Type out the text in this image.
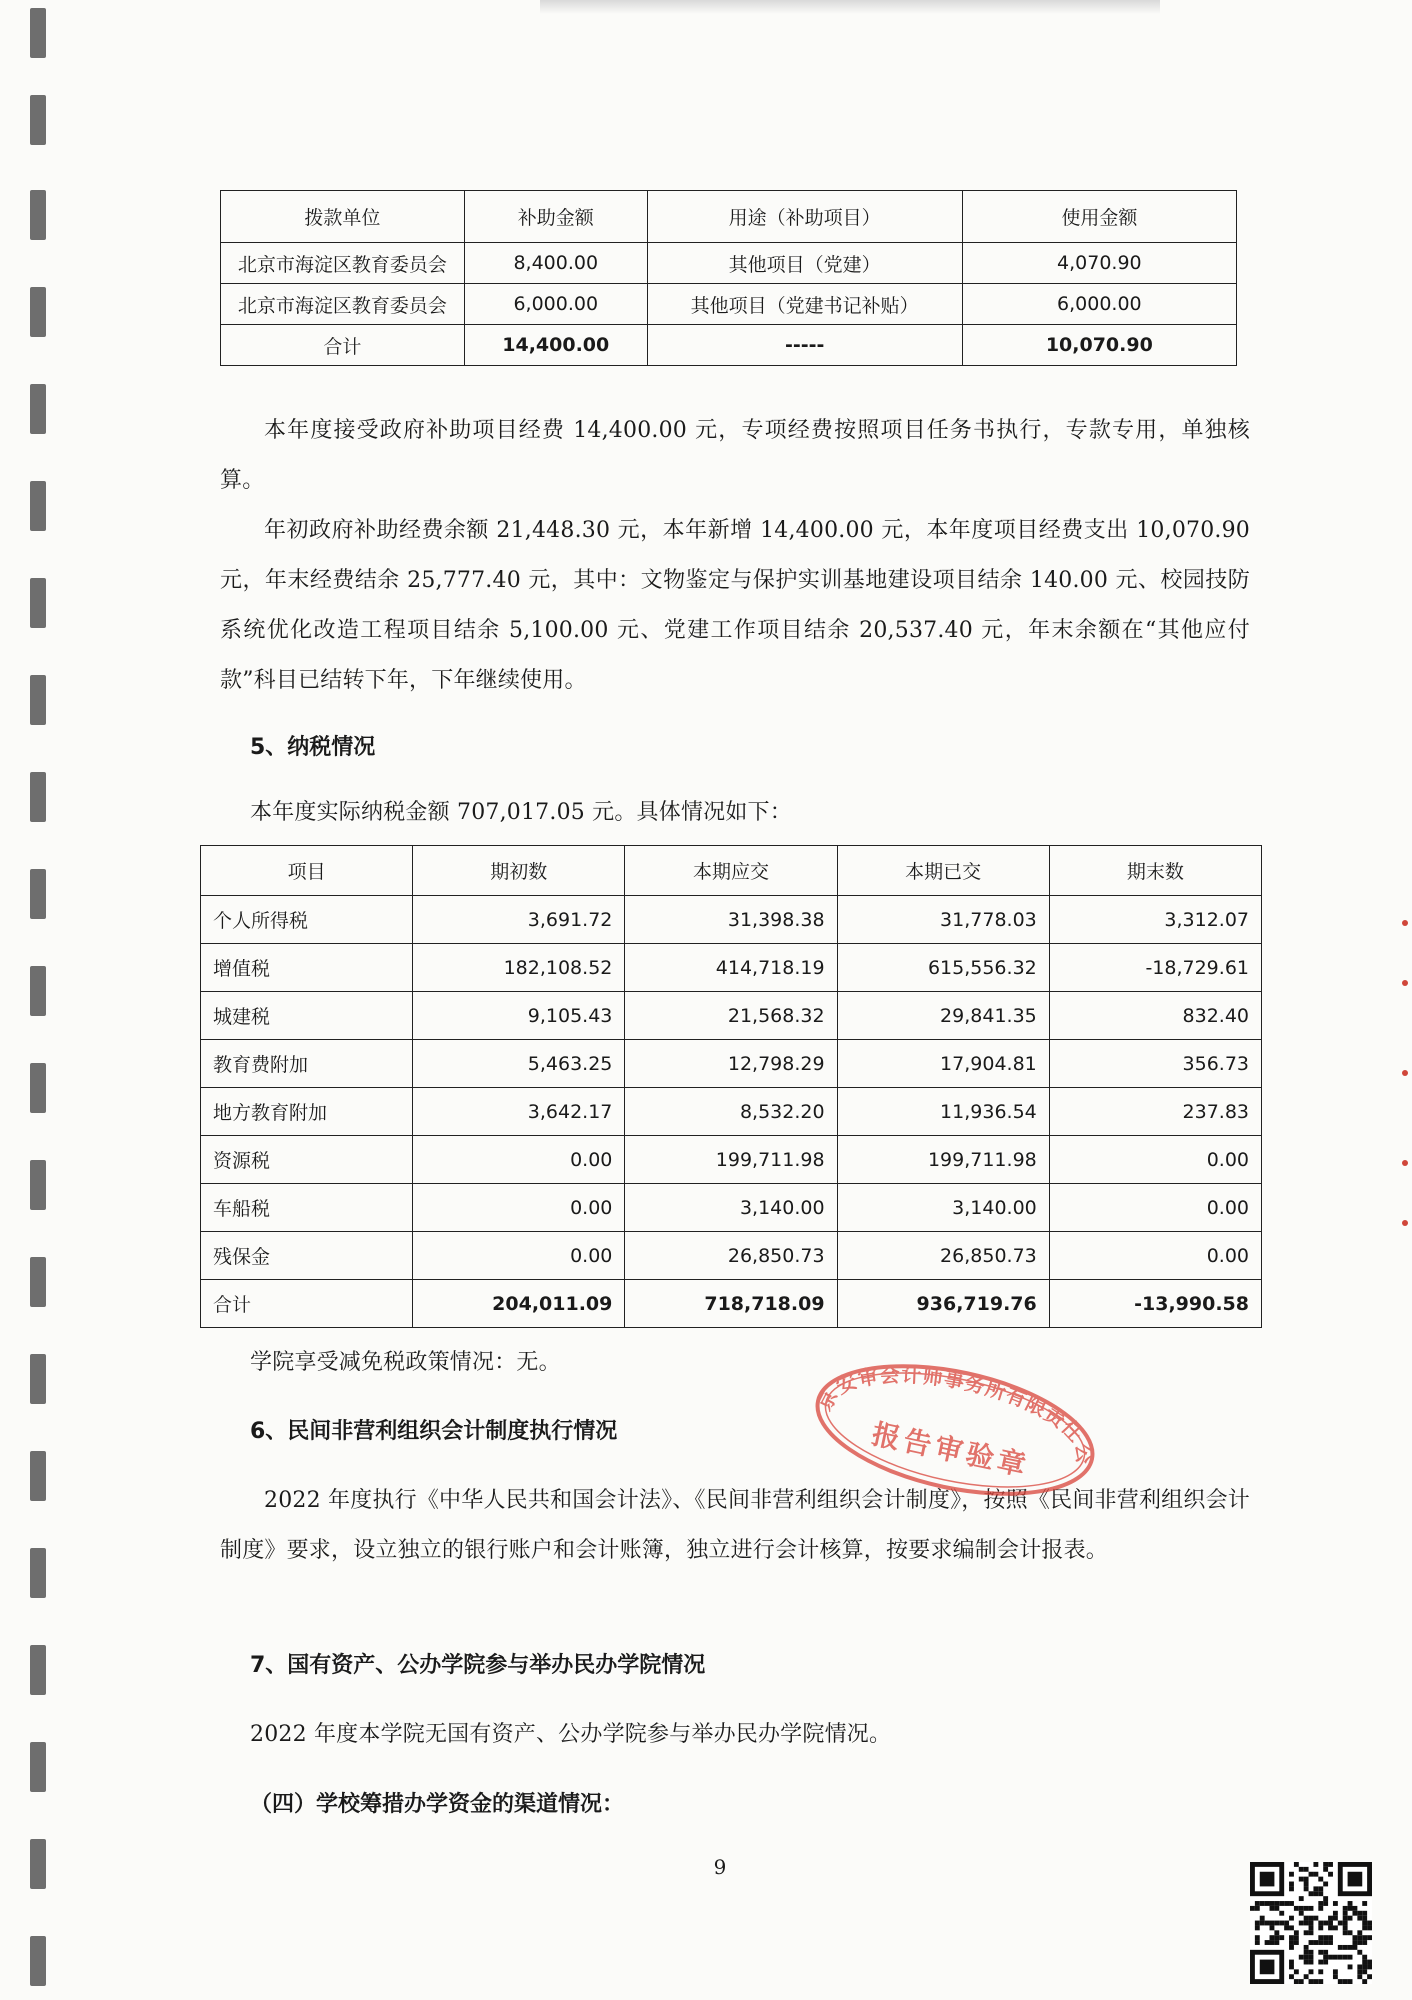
拨款单位	补助金额	用途（补助项目）	使用金额
北京市海淀区教育委员会	8,400.00	其他项目（党建）	4,070.90
北京市海淀区教育委员会	6,000.00	其他项目（党建书记补贴）	6,000.00
合计	14,400.00	-----	10,070.90
本年度接受政府补助项目经费 14,400.00 元，专项经费按照项目任务书执行，专款专用，单独核算。
年初政府补助经费余额 21,448.30 元，本年新增 14,400.00 元，本年度项目经费支出 10,070.90 元，年末经费结余 25,777.40 元，其中：文物鉴定与保护实训基地建设项目结余 140.00 元、校园技防系统优化改造工程项目结余 5,100.00 元、党建工作项目结余 20,537.40 元，年末余额在“其他应付款”科目已结转下年，下年继续使用。
5、纳税情况
本年度实际纳税金额 707,017.05 元。具体情况如下：
项目	期初数	本期应交	本期已交	期末数
个人所得税	3,691.72	31,398.38	31,778.03	3,312.07
增值税	182,108.52	414,718.19	615,556.32	-18,729.61
城建税	9,105.43	21,568.32	29,841.35	832.40
教育费附加	5,463.25	12,798.29	17,904.81	356.73
地方教育附加	3,642.17	8,532.20	11,936.54	237.83
资源税	0.00	199,711.98	199,711.98	0.00
车船税	0.00	3,140.00	3,140.00	0.00
残保金	0.00	26,850.73	26,850.73	0.00
合计	204,011.09	718,718.09	936,719.76	-13,990.58
学院享受减免税政策情况：无。
6、民间非营利组织会计制度执行情况
2022 年度执行《中华人民共和国会计法》、《民间非营利组织会计制度》，按照《民间非营利组织会计制度》要求，设立独立的银行账户和会计账簿，独立进行会计核算，按要求编制会计报表。
7、国有资产、公办学院参与举办民办学院情况
2022 年度本学院无国有资产、公办学院参与举办民办学院情况。
（四）学校筹措办学资金的渠道情况：
9
北京安审会计师事务所有限责任公司
报告审验章
